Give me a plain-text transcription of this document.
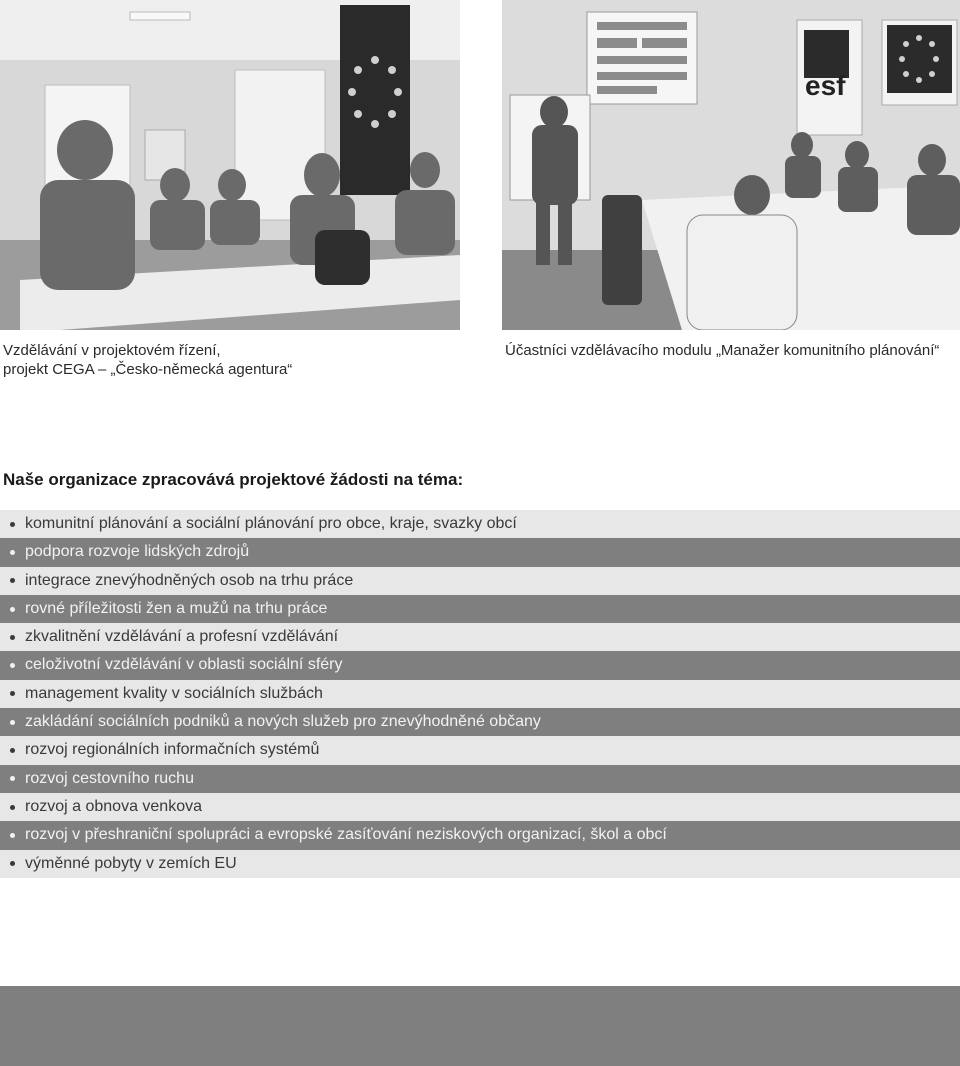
esf
Vzdělávání v projektovém řízení,
projekt CEGA – „Česko-německá agentura“
Účastníci vzdělávacího modulu „Manažer komunitního plánování“
Naše organizace zpracovává projektové žádosti na téma:
komunitní plánování a sociální plánování pro obce, kraje, svazky obcí
podpora rozvoje lidských zdrojů
integrace znevýhodněných osob na trhu práce
rovné příležitosti žen a mužů na trhu práce
zkvalitnění vzdělávání a profesní vzdělávání
celoživotní vzdělávání v oblasti sociální sféry
management kvality v sociálních službách
zakládání sociálních podniků a nových služeb pro znevýhodněné občany
rozvoj regionálních informačních systémů
rozvoj cestovního ruchu
rozvoj a obnova venkova
rozvoj v přeshraniční spolupráci a evropské zasíťování neziskových organizací, škol a obcí
výměnné pobyty v zemích EU
